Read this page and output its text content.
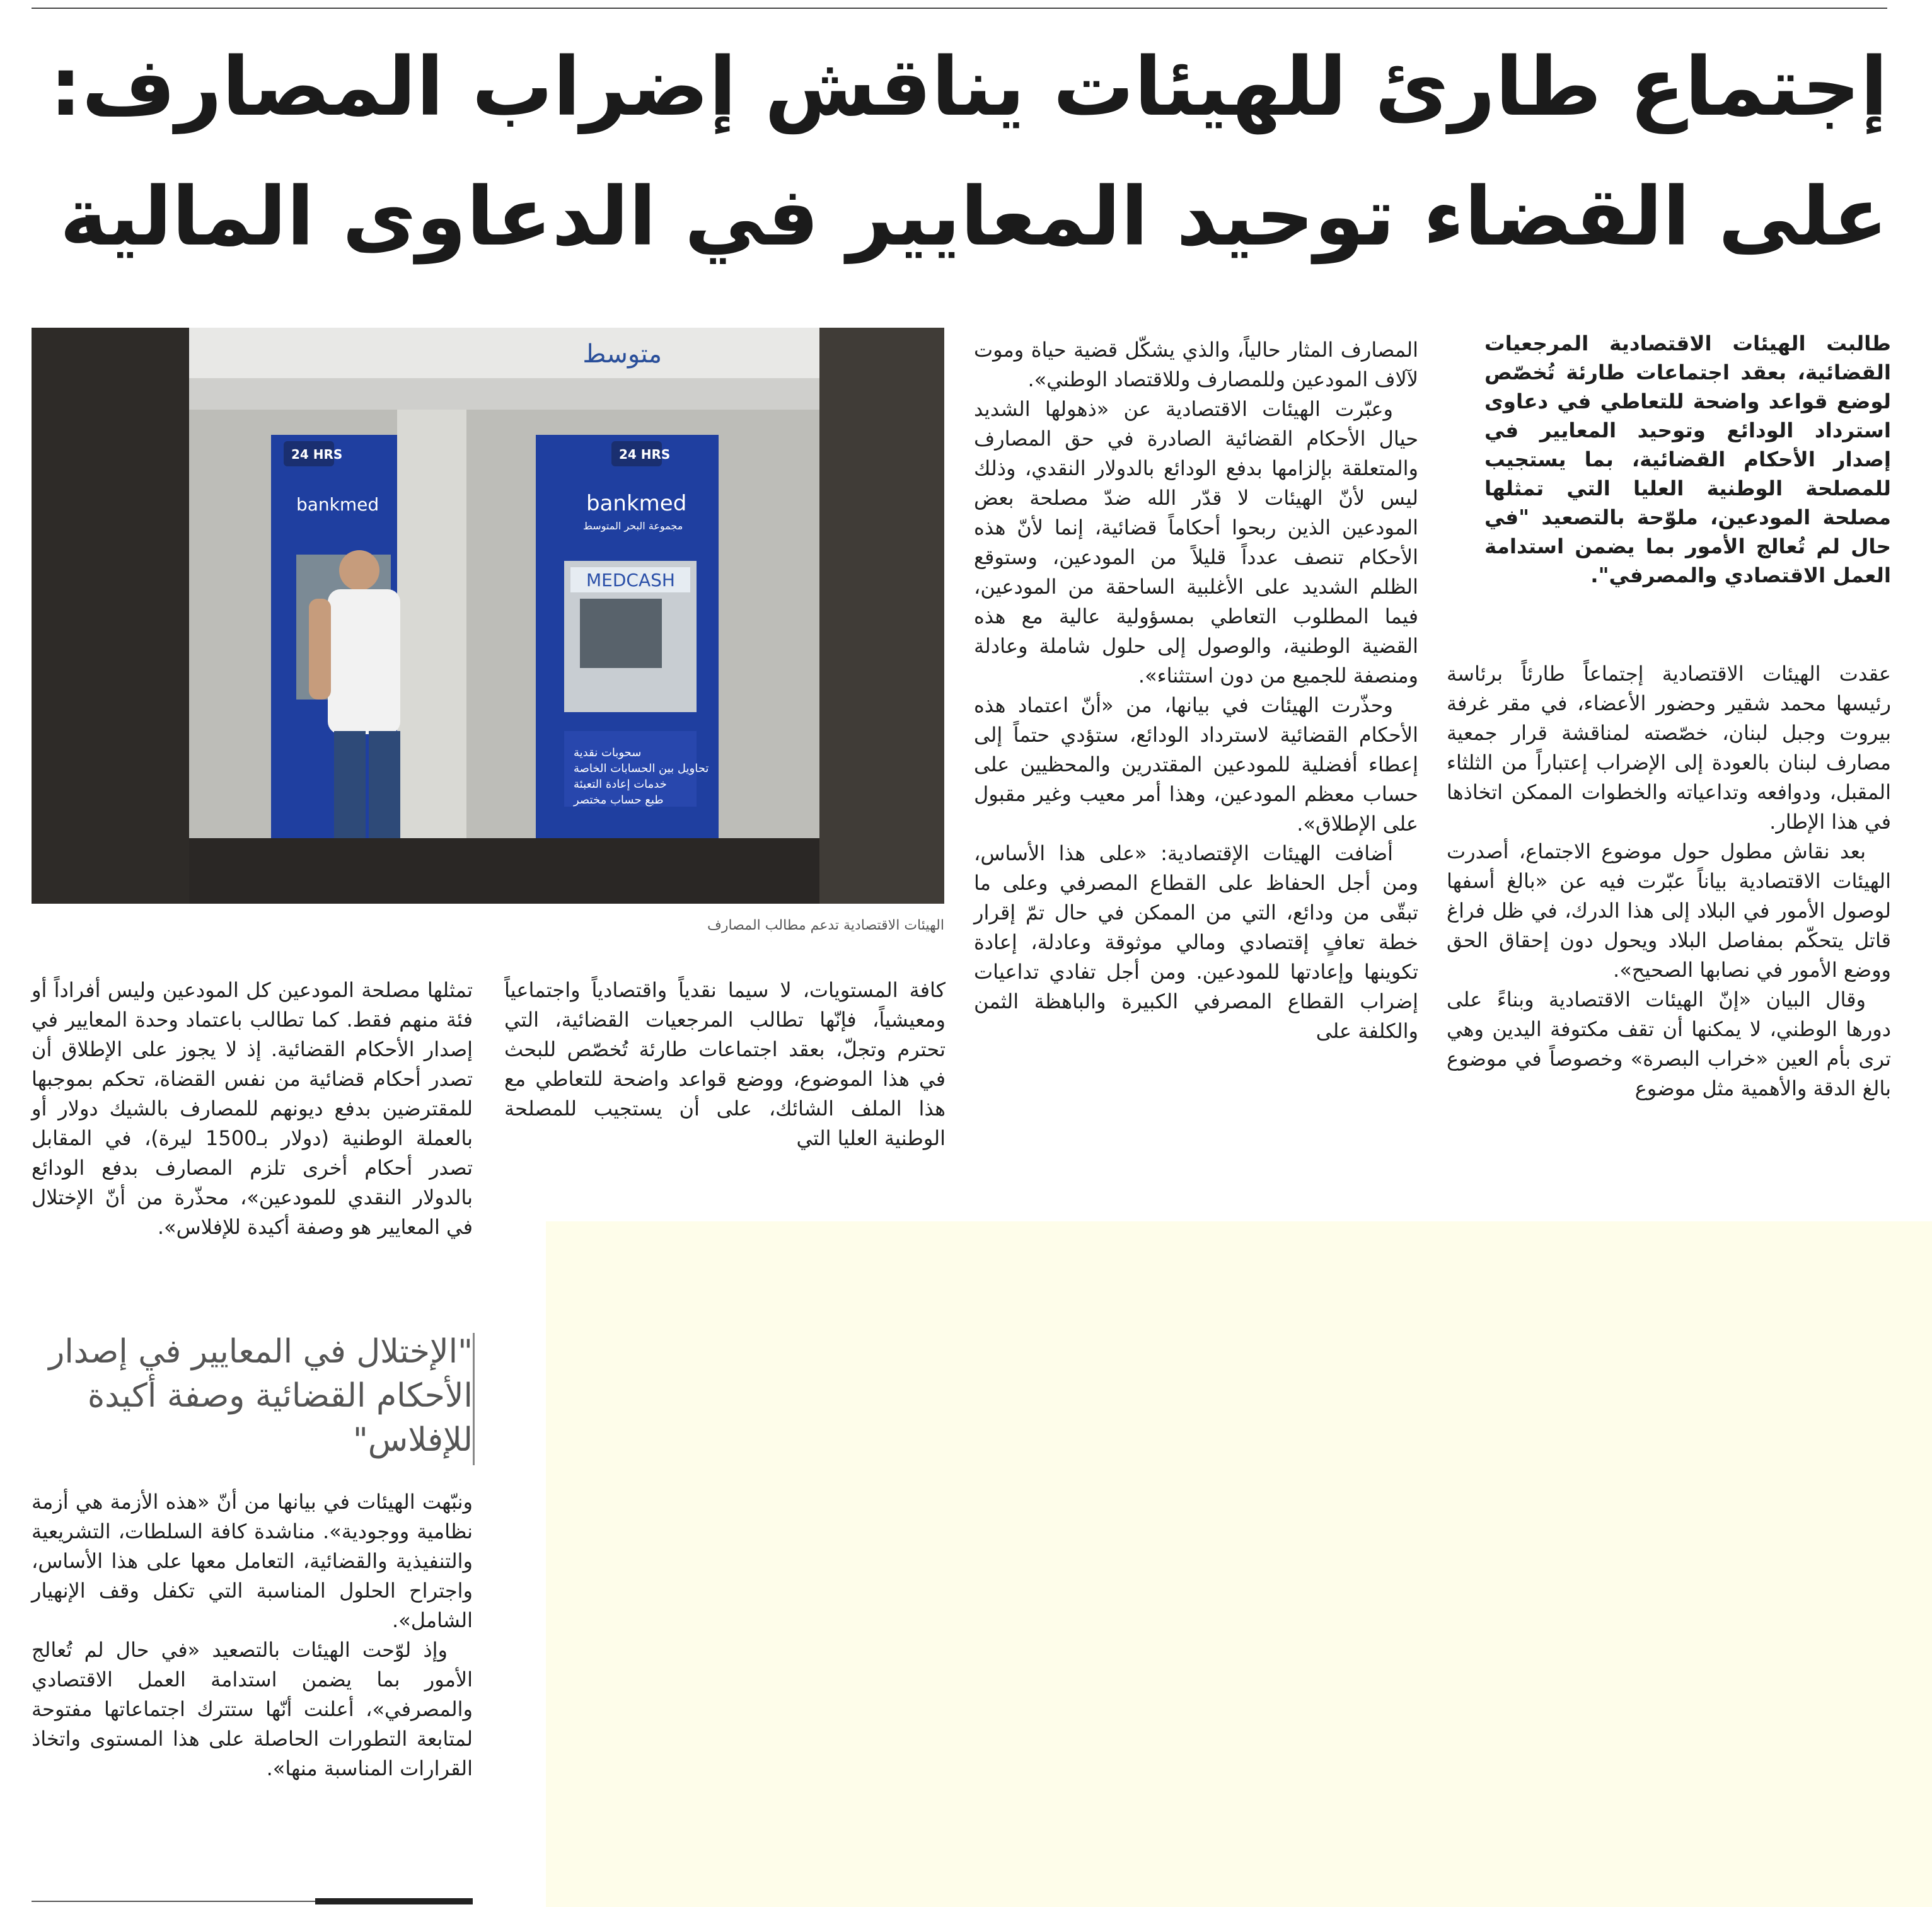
إجتماع طارئ للهيئات يناقش إضراب المصارف:
على القضاء توحيد المعايير في الدعاوى المالية

طالبت الهيئات الاقتصادية المرجعيات القضائية، بعقد اجتماعات طارئة تُخصّص لوضع قواعد واضحة للتعاطي في دعاوى استرداد الودائع وتوحيد المعايير في إصدار الأحكام القضائية، بما يستجيب للمصلحة الوطنية العليا التي تمثلها مصلحة المودعين، ملوّحة بالتصعيد "في حال لم تُعالج الأمور بما يضمن استدامة العمل الاقتصادي والمصرفي".

عقدت الهيئات الاقتصادية إجتماعاً طارئاً برئاسة رئيسها محمد شقير وحضور الأعضاء، في مقر غرفة بيروت وجبل لبنان، خصّصته لمناقشة قرار جمعية مصارف لبنان بالعودة إلى الإضراب إعتباراً من الثلثاء المقبل، ودوافعه وتداعياته والخطوات الممكن اتخاذها في هذا الإطار.

بعد نقاش مطول حول موضوع الاجتماع، أصدرت الهيئات الاقتصادية بياناً عبّرت فيه عن «بالغ أسفها لوصول الأمور في البلاد إلى هذا الدرك، في ظل فراغ قاتل يتحكّم بمفاصل البلاد ويحول دون إحقاق الحق ووضع الأمور في نصابها الصحيح».

وقال البيان «إنّ الهيئات الاقتصادية وبناءً على دورها الوطني، لا يمكنها أن تقف مكتوفة اليدين وهي ترى بأم العين «خراب البصرة» وخصوصاً في موضوع بالغ الدقة والأهمية مثل موضوع

المصارف المثار حالياً، والذي يشكّل قضية حياة وموت لآلاف المودعين وللمصارف وللاقتصاد الوطني».

وعبّرت الهيئات الاقتصادية عن «ذهولها الشديد حيال الأحكام القضائية الصادرة في حق المصارف والمتعلقة بإلزامها بدفع الودائع بالدولار النقدي، وذلك ليس لأنّ الهيئات لا قدّر الله ضدّ مصلحة بعض المودعين الذين ربحوا أحكاماً قضائية، إنما لأنّ هذه الأحكام تنصف عدداً قليلاً من المودعين، وستوقع الظلم الشديد على الأغلبية الساحقة من المودعين، فيما المطلوب التعاطي بمسؤولية عالية مع هذه القضية الوطنية، والوصول إلى حلول شاملة وعادلة ومنصفة للجميع من دون استثناء».

وحذّرت الهيئات في بيانها، من «أنّ اعتماد هذه الأحكام القضائية لاسترداد الودائع، ستؤدي حتماً إلى إعطاء أفضلية للمودعين المقتدرين والمحظيين على حساب معظم المودعين، وهذا أمر معيب وغير مقبول على الإطلاق».

أضافت الهيئات الإقتصادية: «على هذا الأساس، ومن أجل الحفاظ على القطاع المصرفي وعلى ما تبقّى من ودائع، التي من الممكن في حال تمّ إقرار خطة تعافٍ إقتصادي ومالي موثوقة وعادلة، إعادة تكوينها وإعادتها للمودعين. ومن أجل تفادي تداعيات إضراب القطاع المصرفي الكبيرة والباهظة الثمن والكلفة على

متوسط
24 HRS
bankmed
24 HRS
bankmed
مجموعة البحر المتوسط
MEDCASH
سحوبات نقدية
تحاويل بين الحسابات الخاصة
خدمات إعادة التعبئة
طبع حساب مختصر
الهيئات الاقتصادية تدعم مطالب المصارف

كافة المستويات، لا سيما نقدياً واقتصادياً واجتماعياً ومعيشياً، فإنّها تطالب المرجعيات القضائية، التي تحترم وتجلّ، بعقد اجتماعات طارئة تُخصّص للبحث في هذا الموضوع، ووضع قواعد واضحة للتعاطي مع هذا الملف الشائك، على أن يستجيب للمصلحة الوطنية العليا التي

تمثلها مصلحة المودعين كل المودعين وليس أفراداً أو فئة منهم فقط. كما تطالب باعتماد وحدة المعايير في إصدار الأحكام القضائية. إذ لا يجوز على الإطلاق أن تصدر أحكام قضائية من نفس القضاة، تحكم بموجبها للمقترضين بدفع ديونهم للمصارف بالشيك دولار أو بالعملة الوطنية (دولار بـ1500 ليرة)، في المقابل تصدر أحكام أخرى تلزم المصارف بدفع الودائع بالدولار النقدي للمودعين»، محذّرة من أنّ الإختلال في المعايير هو وصفة أكيدة للإفلاس».

"الإختلال في المعايير في إصدار الأحكام القضائية وصفة أكيدة للإفلاس"

ونبّهت الهيئات في بيانها من أنّ «هذه الأزمة هي أزمة نظامية ووجودية». مناشدة كافة السلطات، التشريعية والتنفيذية والقضائية، التعامل معها على هذا الأساس، واجتراح الحلول المناسبة التي تكفل وقف الإنهيار الشامل».

وإذ لوّحت الهيئات بالتصعيد «في حال لم تُعالج الأمور بما يضمن استدامة العمل الاقتصادي والمصرفي»، أعلنت أنّها ستترك اجتماعاتها مفتوحة لمتابعة التطورات الحاصلة على هذا المستوى واتخاذ القرارات المناسبة منها».
